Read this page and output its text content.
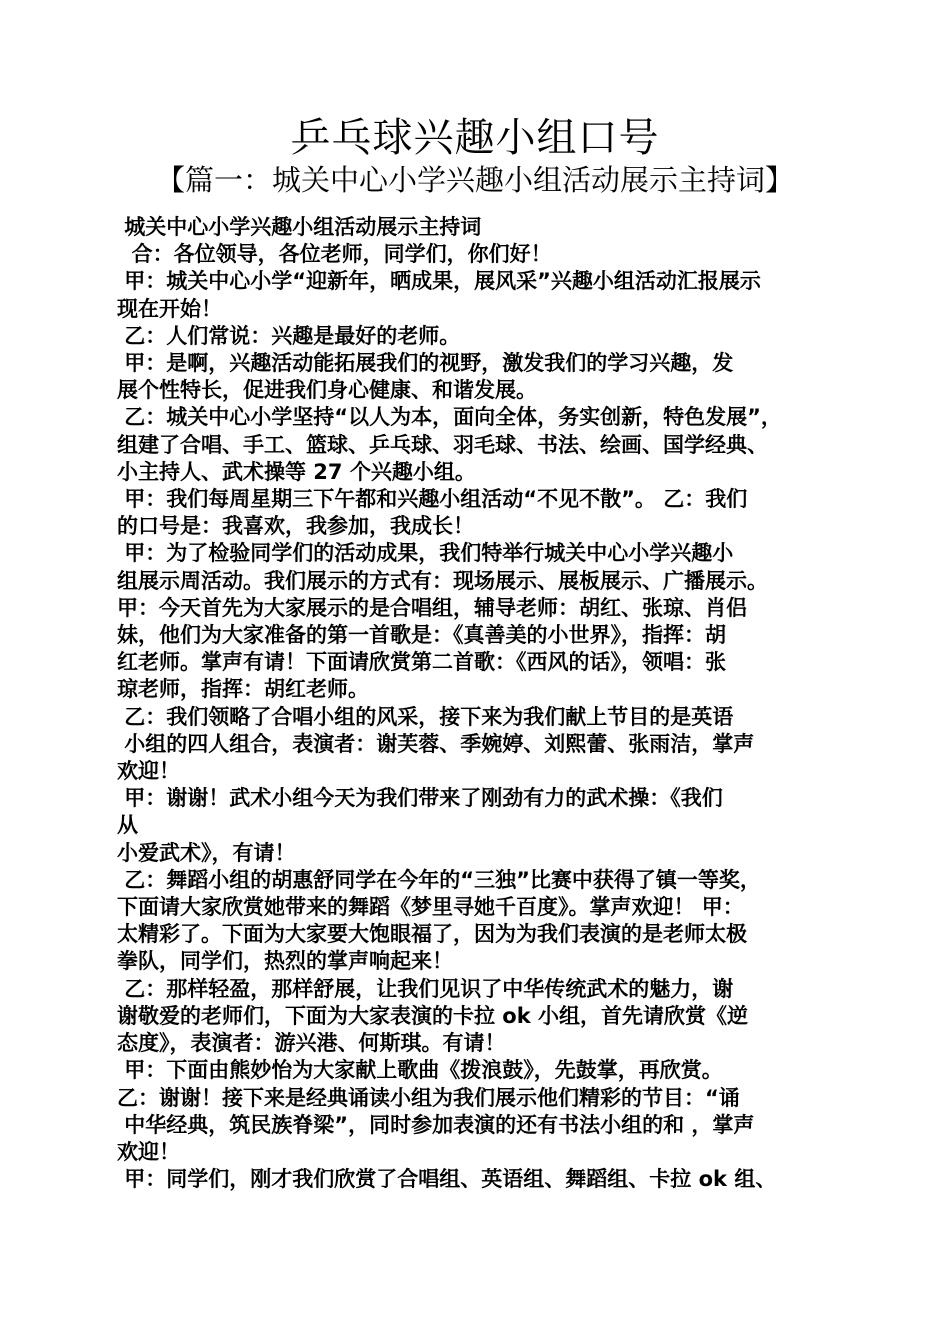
乒乓球兴趣小组口号
【篇一：城关中心小学兴趣小组活动展示主持词】
城关中心小学兴趣小组活动展示主持词
合：各位领导，各位老师，同学们，你们好！
甲：城关中心小学“迎新年，晒成果，展风采”兴趣小组活动汇报展示
现在开始！
乙：人们常说：兴趣是最好的老师。
甲：是啊，兴趣活动能拓展我们的视野，激发我们的学习兴趣，发
展个性特长，促进我们身心健康、和谐发展。
乙：城关中心小学坚持“以人为本，面向全体，务实创新，特色发展”，
组建了合唱、手工、篮球、乒乓球、羽毛球、书法、绘画、国学经典、
小主持人、武术操等 27 个兴趣小组。
甲：我们每周星期三下午都和兴趣小组活动“不见不散”。 乙：我们
的口号是：我喜欢，我参加，我成长！
甲：为了检验同学们的活动成果，我们特举行城关中心小学兴趣小
组展示周活动。我们展示的方式有：现场展示、展板展示、广播展示。
甲：今天首先为大家展示的是合唱组，辅导老师：胡红、张琼、肖侣
妹，他们为大家准备的第一首歌是：《真善美的小世界》，指挥：胡
红老师。掌声有请！下面请欣赏第二首歌：《西风的话》，领唱：张
琼老师，指挥：胡红老师。
乙：我们领略了合唱小组的风采，接下来为我们献上节目的是英语
小组的四人组合，表演者：谢芙蓉、季婉婷、刘熙蕾、张雨洁，掌声
欢迎！
甲：谢谢！武术小组今天为我们带来了刚劲有力的武术操：《我们
从
小爱武术》，有请！
乙：舞蹈小组的胡惠舒同学在今年的“三独”比赛中获得了镇一等奖，
下面请大家欣赏她带来的舞蹈《梦里寻她千百度》。掌声欢迎！ 甲：
太精彩了。下面为大家要大饱眼福了，因为为我们表演的是老师太极
拳队，同学们，热烈的掌声响起来！
乙：那样轻盈，那样舒展，让我们见识了中华传统武术的魅力，谢
谢敬爱的老师们，下面为大家表演的卡拉 ok 小组，首先请欣赏《逆
态度》，表演者：游兴港、何斯琪。有请！
甲：下面由熊妙怡为大家献上歌曲《拨浪鼓》，先鼓掌，再欣赏。
乙：谢谢！接下来是经典诵读小组为我们展示他们精彩的节目：“诵
中华经典，筑民族脊梁”，同时参加表演的还有书法小组的和 ，掌声
欢迎！
甲：同学们，刚才我们欣赏了合唱组、英语组、舞蹈组、卡拉 ok 组、
